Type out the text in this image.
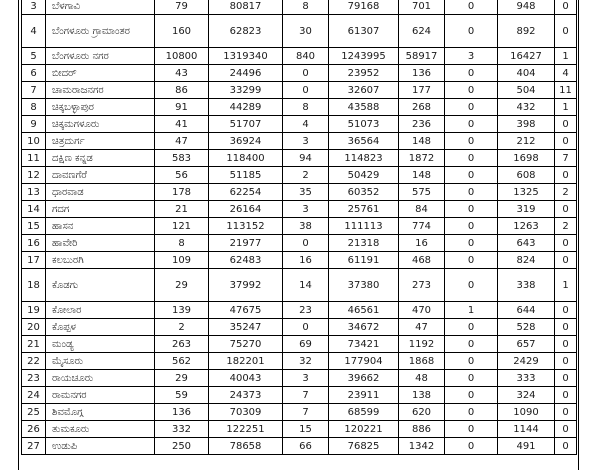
3	ಬೆಳಗಾವಿ	79	80817	8	79168	701	0	948	0
4	ಬೆಂಗಳೂರು ಗ್ರಾಮಾಂತರ	160	62823	30	61307	624	0	892	0
5	ಬೆಂಗಳೂರು ನಗರ	10800	1319340	840	1243995	58917	3	16427	1
6	ಬೀದರ್	43	24496	0	23952	136	0	404	4
7	ಚಾಮರಾಜನಗರ	86	33299	0	32607	177	0	504	11
8	ಚಿಕ್ಕಬಳ್ಳಾಪುರ	91	44289	8	43588	268	0	432	1
9	ಚಿಕ್ಕಮಗಳೂರು	41	51707	4	51073	236	0	398	0
10	ಚಿತ್ರದುರ್ಗ	47	36924	3	36564	148	0	212	0
11	ದಕ್ಷಿಣ ಕನ್ನಡ	583	118400	94	114823	1872	0	1698	7
12	ದಾವಣಗೆರೆ	56	51185	2	50429	148	0	608	0
13	ಧಾರವಾಡ	178	62254	35	60352	575	0	1325	2
14	ಗದಗ	21	26164	3	25761	84	0	319	0
15	ಹಾಸನ	121	113152	38	111113	774	0	1263	2
16	ಹಾವೇರಿ	8	21977	0	21318	16	0	643	0
17	ಕಲಬುರಗಿ	109	62483	16	61191	468	0	824	0
18	ಕೊಡಗು	29	37992	14	37380	273	0	338	1
19	ಕೋಲಾರ	139	47675	23	46561	470	1	644	0
20	ಕೊಪ್ಪಳ	2	35247	0	34672	47	0	528	0
21	ಮಂಡ್ಯ	263	75270	69	73421	1192	0	657	0
22	ಮೈಸೂರು	562	182201	32	177904	1868	0	2429	0
23	ರಾಯಚೂರು	29	40043	3	39662	48	0	333	0
24	ರಾಮನಗರ	59	24373	7	23911	138	0	324	0
25	ಶಿವಮೊಗ್ಗ	136	70309	7	68599	620	0	1090	0
26	ತುಮಕೂರು	332	122251	15	120221	886	0	1144	0
27	ಉಡುಪಿ	250	78658	66	76825	1342	0	491	0
